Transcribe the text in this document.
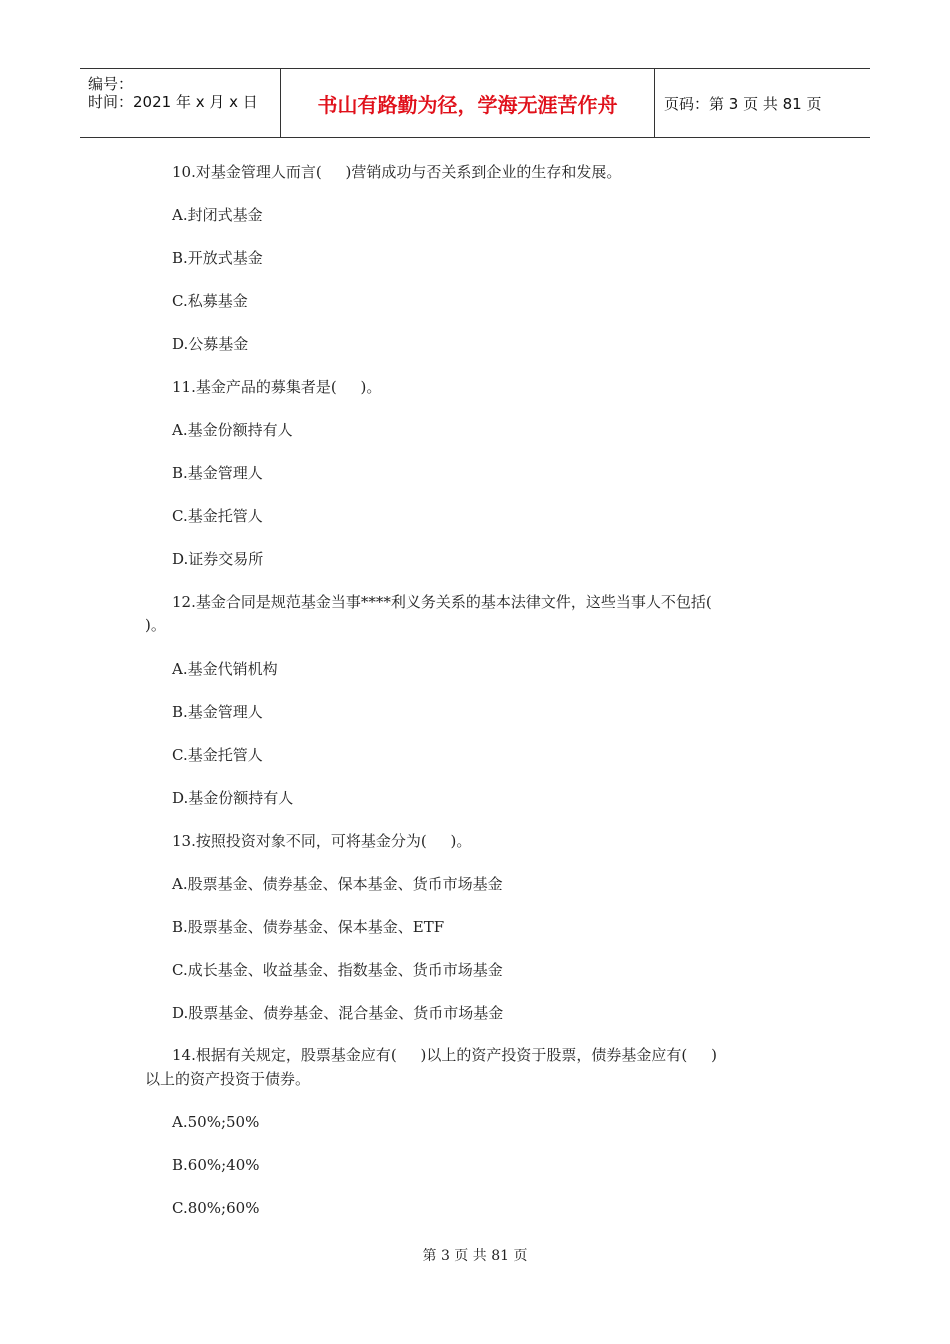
编号：
时间：2021 年 x 月 x 日	书山有路勤为径，学海无涯苦作舟	页码：第 3 页 共 81 页
10.对基金管理人而言(     )营销成功与否关系到企业的生存和发展。
A.封闭式基金
B.开放式基金
C.私募基金
D.公募基金
11.基金产品的募集者是(     )。
A.基金份额持有人
B.基金管理人
C.基金托管人
D.证券交易所
12.基金合同是规范基金当事****利义务关系的基本法律文件，这些当事人不包括(
)。
A.基金代销机构
B.基金管理人
C.基金托管人
D.基金份额持有人
13.按照投资对象不同，可将基金分为(     )。
A.股票基金、债券基金、保本基金、货币市场基金
B.股票基金、债券基金、保本基金、ETF
C.成长基金、收益基金、指数基金、货币市场基金
D.股票基金、债券基金、混合基金、货币市场基金
14.根据有关规定，股票基金应有(     )以上的资产投资于股票，债券基金应有(     )
以上的资产投资于债券。
A.50%;50%
B.60%;40%
C.80%;60%
第 3 页 共 81 页
